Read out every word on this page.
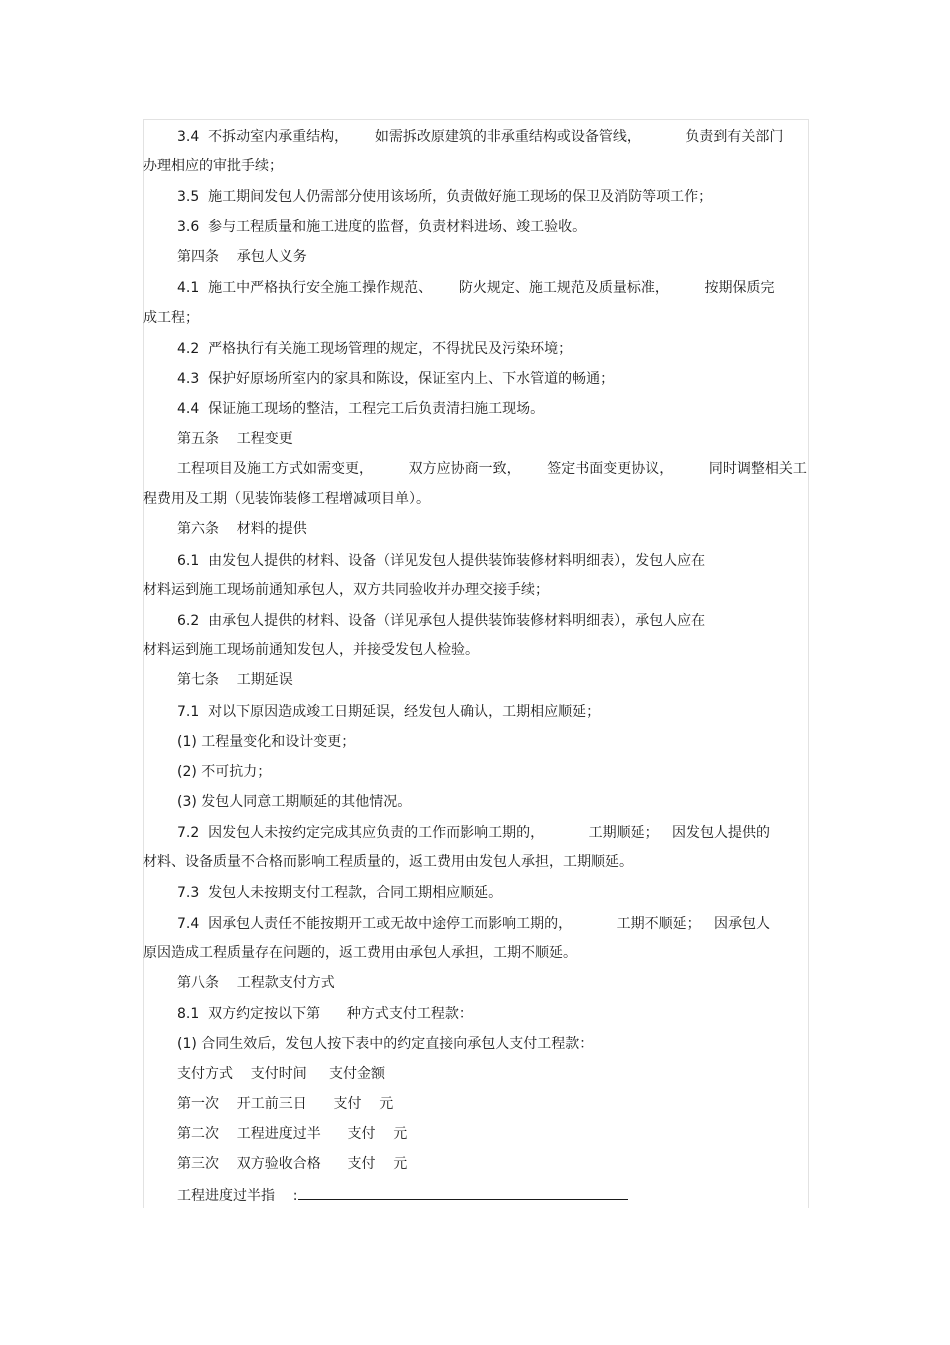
3.4  不拆动室内承重结构，      如需拆改原建筑的非承重结构或设备管线，          负责到有关部门
办理相应的审批手续；
3.5  施工期间发包人仍需部分使用该场所，负责做好施工现场的保卫及消防等项工作；
3.6  参与工程质量和施工进度的监督，负责材料进场、竣工验收。
第四条    承包人义务
4.1  施工中严格执行安全施工操作规范、      防火规定、施工规范及质量标准，        按期保质完
成工程；
4.2  严格执行有关施工现场管理的规定，不得扰民及污染环境；
4.3  保护好原场所室内的家具和陈设，保证室内上、下水管道的畅通；
4.4  保证施工现场的整洁，工程完工后负责清扫施工现场。
第五条    工程变更
工程项目及施工方式如需变更，        双方应协商一致，      签定书面变更协议，        同时调整相关工
程费用及工期（见装饰装修工程增减项目单）。
第六条    材料的提供
6.1  由发包人提供的材料、设备（详见发包人提供装饰装修材料明细表），发包人应在
材料运到施工现场前通知承包人，双方共同验收并办理交接手续；
6.2  由承包人提供的材料、设备（详见承包人提供装饰装修材料明细表），承包人应在
材料运到施工现场前通知发包人，并接受发包人检验。
第七条    工期延误
7.1  对以下原因造成竣工日期延误，经发包人确认，工期相应顺延；
(1) 工程量变化和设计变更；
(2) 不可抗力；
(3) 发包人同意工期顺延的其他情况。
7.2  因发包人未按约定完成其应负责的工作而影响工期的，          工期顺延；   因发包人提供的
材料、设备质量不合格而影响工程质量的，返工费用由发包人承担，工期顺延。
7.3  发包人未按期支付工程款，合同工期相应顺延。
7.4  因承包人责任不能按期开工或无故中途停工而影响工期的，          工期不顺延；   因承包人
原因造成工程质量存在问题的，返工费用由承包人承担，工期不顺延。
第八条    工程款支付方式
8.1  双方约定按以下第      种方式支付工程款：
(1) 合同生效后，发包人按下表中的约定直接向承包人支付工程款：
支付方式    支付时间     支付金额
第一次    开工前三日      支付    元
第二次    工程进度过半      支付    元
第三次    双方验收合格      支付    元
工程进度过半指    :
